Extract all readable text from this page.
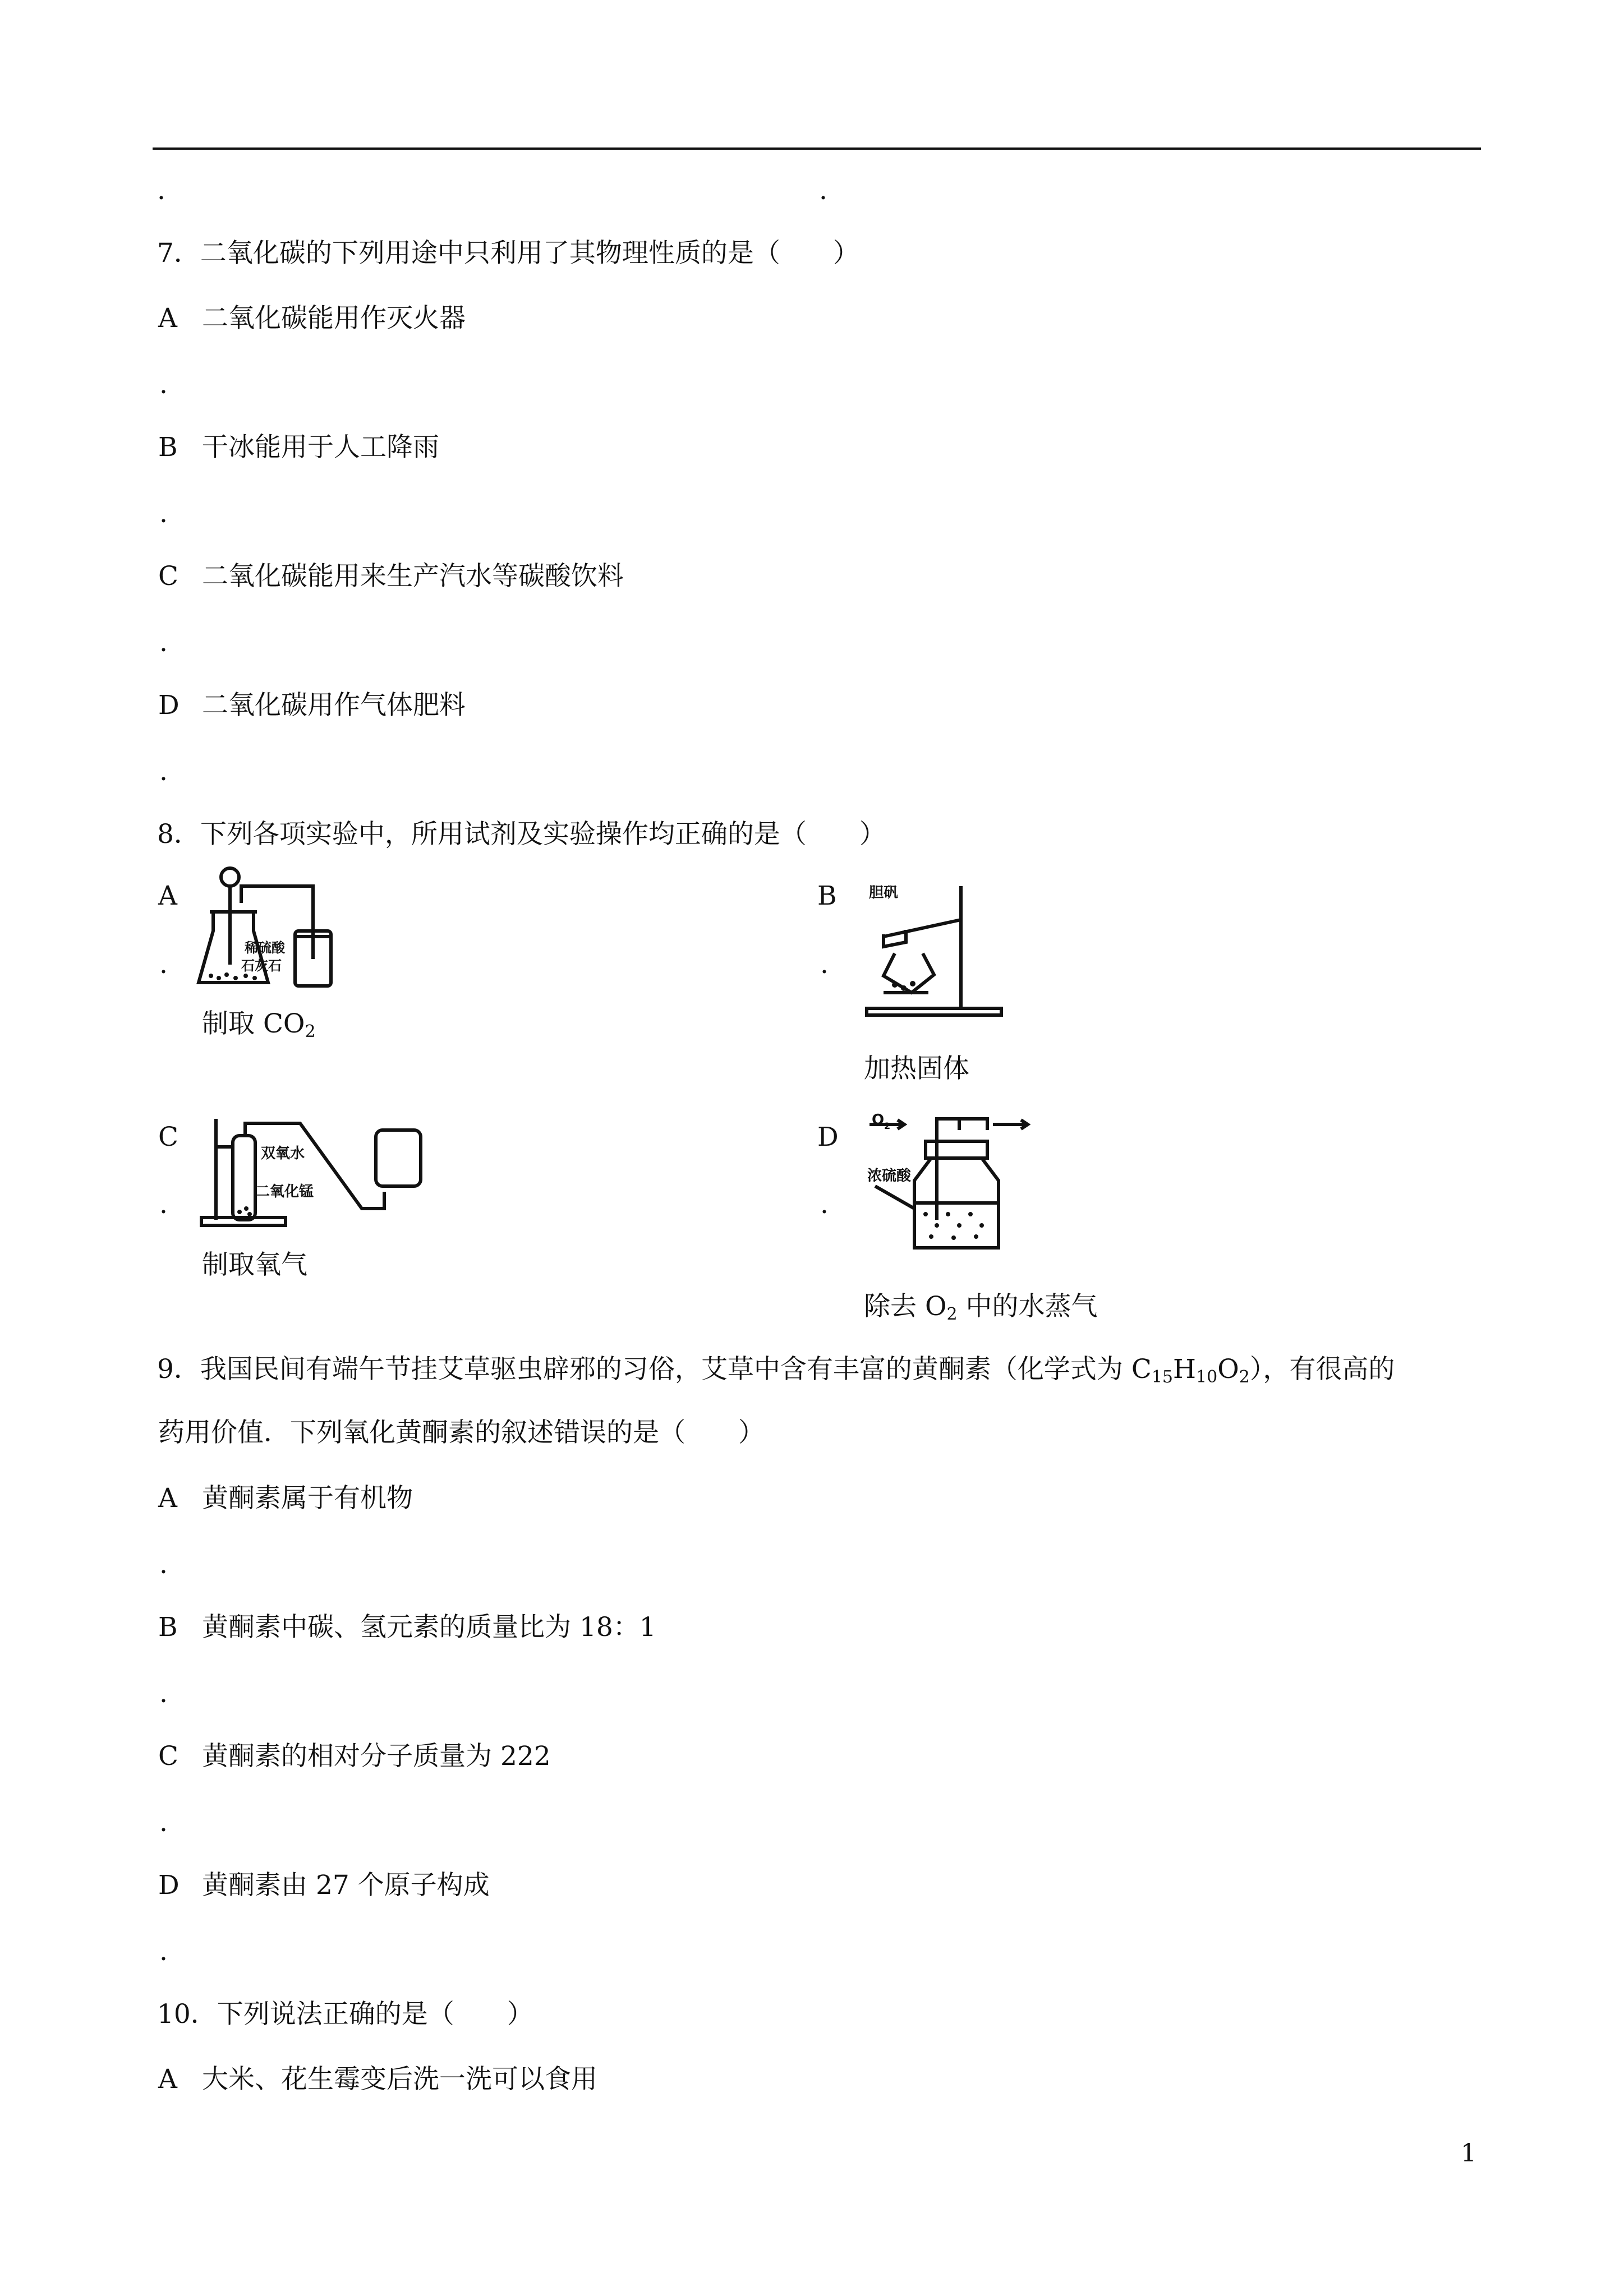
.	.
7．二氧化碳的下列用途中只利用了其物理性质的是（　　）
A 二氧化碳能用作灭火器
.
B 干冰能用于人工降雨
.
C 二氧化碳能用来生产汽水等碳酸饮料
.
D 二氧化碳用作气体肥料
.
8．下列各项实验中，所用试剂及实验操作均正确的是（　　）
A
.
稀硫酸
石灰石
制取 $CO_2$
B
.
胆矾
加热固体
C
.
双氧水
二氧化锰
制取氧气
D
.
O 2
浓硫酸
除去 $O_2$ 中的水蒸气
9．我国民间有端午节挂艾草驱虫辟邪的习俗，艾草中含有丰富的黄酮素（化学式为 $C_{15}H_{10}O_2$），有很高的
药用价值．下列氧化黄酮素的叙述错误的是（　　）
A 黄酮素属于有机物
.
B 黄酮素中碳、氢元素的质量比为 18：1
.
C 黄酮素的相对分子质量为 222
.
D 黄酮素由 27 个原子构成
.
10．下列说法正确的是（　　）
A 大米、花生霉变后洗一洗可以食用
1
